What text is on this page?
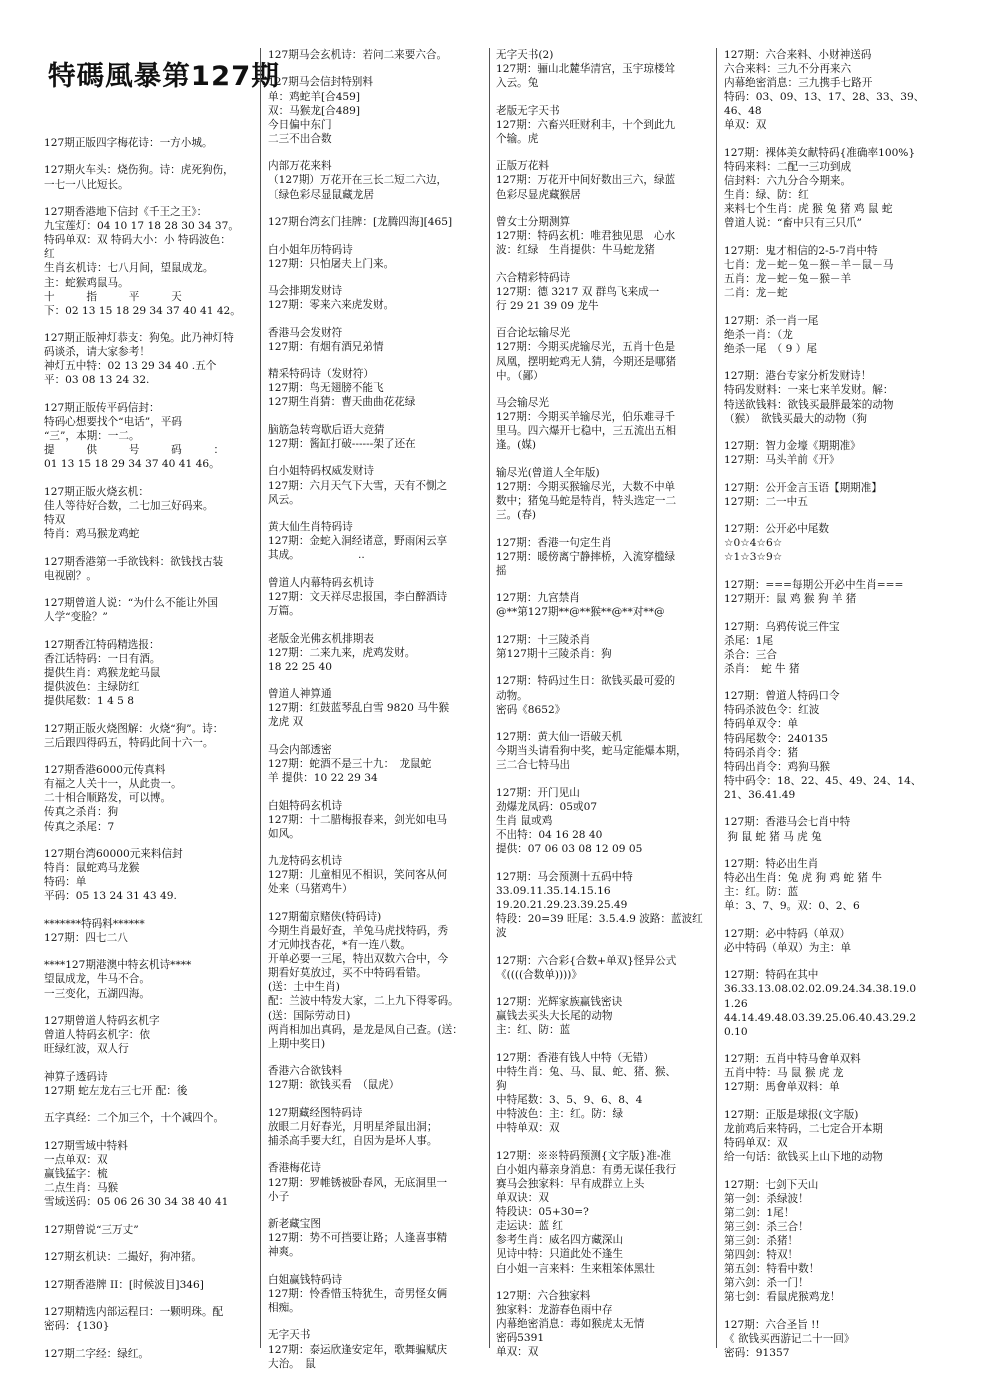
特碼風暴第127期
127期正版四字梅花诗：一方小城。
127期火车头：烧伤狗。诗：虎死狗伤，
一七一八比短长。
127期香港地下信封《千王之王》：
九宝莲灯：04 10 17 18 28 30 34 37。
特码单双：双 特码大小：小 特码波色：
红
生肖玄机诗：七八月间，望鼠成龙。
主：蛇猴鸡鼠马。
十　　　指　　　平　　　天
下：02 13 15 18 29 34 37 40 41 42。
127期正版神灯恭支：狗兔。此乃神灯特
码谈杀，请大家参考！
神灯五中特：02 13 29 34 40 .五个
平：03 08 13 24 32.
127期正版传平码信封：
特码心想要找个“电话”，平码
“三”，本期：一二。
提　　　供　　　号　　　码　　　：
01 13 15 18 29 34 37 40 41 46。
127期正版火烧玄机：
佳人等待好合数，二七加三好码来。
特双
特肖：鸡马猴龙鸡蛇
127期香港第一手欲钱料：欲钱找古装
电视剧？。
127期曾道人说：“为什么不能让外国
人学“变脸？”
127期香江特码精选报：
香江话特码：一日有酒。
提供生肖：鸡猴龙蛇马鼠
提供波色：主绿防红
提供尾数：1 4 5 8
127期正版火烧图解：火烧“狗”。诗：
三后跟四得码五，特码此间十六一。
127期香港6000元传真料
有福之人关十一，从此贵一。
二十相合顺路发，可以博。
传真之杀肖：狗
传真之杀尾：7
127期台湾60000元来料信封
特肖：鼠蛇鸡马龙猴
特码：单
平码：05 13 24 31 43 49.
*******特码料******
127期：四七二八
****127期港澳中特玄机诗****
望鼠成龙，牛马不合。
一三变化，五湖四海。
127期曾道人特码玄机字
曾道人特码玄机字：依
旺绿红波，双人行
神算子透码诗
127期 蛇左龙右三七开 配：後
五字真经：二个加三个，十个减四个。
127期雪域中特料
一点单双：双
赢钱猛字：梳
二点生肖：马猴
雪域送码：05 06 26 30 34 38 40 41
127期曾说“三万丈”
127期玄机诀：二撮好，狗冲猪。
127期香港牌 II：[时候波目]346]
127期精选内部运程曰：一颗明珠。配
密码：{130}
127期二字经：绿红。
127期马会玄机诗：若问二来要六合。
127期马会信封特别料
单：鸡蛇羊[合459]
双：马猴龙[合489]
今日偏中东门
二三不出合数
内部万花来料
（127期）万花开在三长二短二六边，
〔绿色彩尽显鼠藏龙居
127期台湾玄门挂牌：[龙腾四海][465]
白小姐年历特码诗
127期：只怕屠夫上门来。
马会排期发财诗
127期：零来六来虎发财。
香港马会发财符
127期：有烟有酒兄弟情
精采特码诗（发财符）
127期：鸟无翅膀不能飞
127期生肖猜：曹天曲曲花花绿
脑筋急转弯歇后语大竞猜
127期：酱缸打破------架了还在
白小姐特码权威发财诗
127期：六月天气下大雪，天有不惻之
风云。
黄大仙生肖特码诗
127期：金蛇入洞经诸意，野雨闲云享
其成。　　　　　　..
曾道人内幕特码玄机诗
127期：文天祥尽忠报国，李白醉酒诗
万篇。
老版金光佛玄机排期表
127期：二来九来，虎鸡发财。
18 22 25 40
曾道人神算通
127期：红鼓蓝琴乱白雪 9820 马牛猴
龙虎 双
马会内部透密
127期：蛇酒不是三十九：　龙鼠蛇
羊 提供：10 22 29 34
白姐特码玄机诗
127期：十二腊梅报春来，剑光如电马
如风。
九龙特码玄机诗
127期：儿童相见不相识，笑问客从何
处来（马猪鸡牛）
127期葡京赌侠(特码诗)
今期生肖最好查，羊兔马虎找特码，秀
才元帅找杏花，*有一连八数。
开单必要一三尾，特出双数六合中，今
期看好莫放过，买不中特码看错。
(送：土中生肖)
配：兰波中特发大家，二上九下得零码。
(送：国际劳动日)
两肖相加出真码，是龙是凤自己查。(送：
上期中奖日)
香港六合欲钱料
127期：欲钱买看　（鼠虎）
127期藏经图特码诗
放眼二月好春光，月明星斧鼠出洞；
捕杀高手要大红，自因为是坏人事。
香港梅花诗
127期：罗帷锈被卧春风，无底洞里一
小子
新老藏宝图
127期：势不可挡要让路；人逢喜事精
神爽。
白姐赢钱特码诗
127期：怜香惜玉特犹生，奇男怪女俩
相痴。
无字天书
127期：泰运欣逢安定年，歌舞骗赋庆
大治。　鼠
无字天书(2)
127期：骊山北麓华清宫，玉宇琼楼耸
入云。兔
老版无字天书
127期：六畜兴旺财利丰，十个到此九
个输。虎
正版万花料
127期：万花开中间好数出三六，绿蓝
色彩尽显虎藏猴居
曾女士分期测算
127期：特码玄机：唯君独见思　心水
波：红绿　生肖提供：牛马蛇龙猪
六合精彩特码诗
127期：德 3217 双 群鸟飞来成一
行 29 21 39 09 龙牛
百合论坛输尽光
127期：今期买虎输尽光，五肖十色是
凤凰，摆明蛇鸡无人猜，今期还是哪猪
中。（鄙）
马会输尽光
127期：今期买羊输尽光，伯乐难寻千
里马。四六爆开七稳中，三五流出五相
逢。(媒)
输尽光(曾道人全年版)
127期：今期买猴输尽光，大数不中单
数中；猪兔马蛇是特肖，特头选定一二
三。(春)
127期：香港一句定生肖
127期：暖傍离宁静摔桥，入流穿槛绿
摇
127期：九宫禁肖
@**第127期**@**猴**@**对**@
127期：十三陵杀肖
第127期十三陵杀肖：狗
127期：特码过生日：欲钱买最可爱的
动物。
密码《8652》
127期：黄大仙一语破天机
今期当头请看狗中奖，蛇马定能爆本期，
三二合七特马出
127期：开门见山
劲爆龙凤码：05或07
生肖 鼠或鸡
不出特：04 16 28 40
提供：07 06 03 08 12 09 05
127期：马会预测十五码中特
33.09.11.35.14.15.16
19.20.21.29.23.39.25.49
特段：20=39 旺尾：3.5.4.9 波路：蓝波红
波
127期：六合彩{合数+单双}怪异公式
《((((合数单))))》
127期：光辉家族赢钱密诀
赢钱去买头大长尾的动物
主：红、防：蓝
127期：香港有钱人中特（无错）
中特生肖：兔、马、鼠、蛇、猪、猴、
狗
中特尾数：3、5、9、6、8、4
中特波色：主：红。防：绿
中特单双：双
127期：※※特码预测{文字版}准-准
白小姐内幕亲身消息：有勇无谋任我行
赛马会独家料：早有成群立上头
单双诀：双
特段诀：05+30=?
走运诀：蓝 红
参考生肖：威名四方藏深山
见诗中特：只道此处不逢生
白小姐一言来料：生来粗笨体黑壮
127期：六合独家料
独家料：龙游春色雨中存
内幕绝密消息：毒如猴虎太无情
密码5391
单双：双
127期：六合来料、小财神送码
六合来料：三九不分再来六
内幕绝密消息：三九携手七路开
特码：03、09、13、17、28、33、39、
46、48
单双：双
127期：裸体美女献特码{准确率100%}
特码来料：二配一三功到成
信封料：六九分合今期来。
生肖：绿、防：红
来料七个生肖：虎 猴 兔 猪 鸡 鼠 蛇
曾道人说：“畜中只有三只爪”
127期：鬼才相信的2-5-7肖中特
七肖：龙－蛇－兔－猴－羊－鼠－马
五肖：龙－蛇－兔－猴－羊
二肖：龙－蛇
127期：杀一肖一尾
绝杀一肖：（龙
绝杀一尾　（ 9 ）尾
127期：港台专家分析发财诗！
特码发财料：一来七来羊发财。解：
特送欲钱料：欲钱买最胖最笨的动物
（猴）　欲钱买最大的动物（狗
127期：智力金壕《期期准》
127期：马头羊前《开》
127期：公开金言玉语【期期准】
127期：二一中五
127期：公开必中尾数
☆0☆4☆6☆
☆1☆3☆9☆
127期：===每期公开必中生肖===
127期开：鼠 鸡 猴 狗 羊 猪
127期：乌鸦传说三件宝
杀尾：1尾
杀合：三合
杀肖：　蛇 牛 猪
127期：曾道人特码口令
特码杀波色令：红波
特码单双令：单
特码尾数令：240135
特码杀肖令：猪
特码出肖令：鸡狗马猴
特中码令：18、22、45、49、24、14、
21、36.41.49
127期：香港马会七肖中特
狗 鼠 蛇 猪 马 虎 兔
127期：特必出生肖
特必出生肖：兔 虎 狗 鸡 蛇 猪 牛
主：红。防：蓝
单：3、7、9。双：0、2、6
127期：必中特码（单双）
必中特码（单双）为主：单
127期：特码在其中
36.33.13.08.02.02.09.24.34.38.19.0
1.26
44.14.49.48.03.39.25.06.40.43.29.2
0.10
127期：五肖中特马會单双料
五肖中特：马 鼠 猴 虎 龙
127期：馬會单双料：单
127期：正版是球报(文字版)
龙前鸡后来特码，二七定合开本期
特码单双：双
给一句话：欲钱买上山下地的动物
127期：七剑下天山
第一剑：杀绿波！
第二剑：1尾！
第三剑：杀三合！
第三剑：杀猪！
第四剑：特双！
第五剑：特看中数！
第六剑：杀一门！
第七剑：看鼠虎猴鸡龙！
127期：六合圣旨 !!
《 欲钱买西游记二十一回》
密码：91357
